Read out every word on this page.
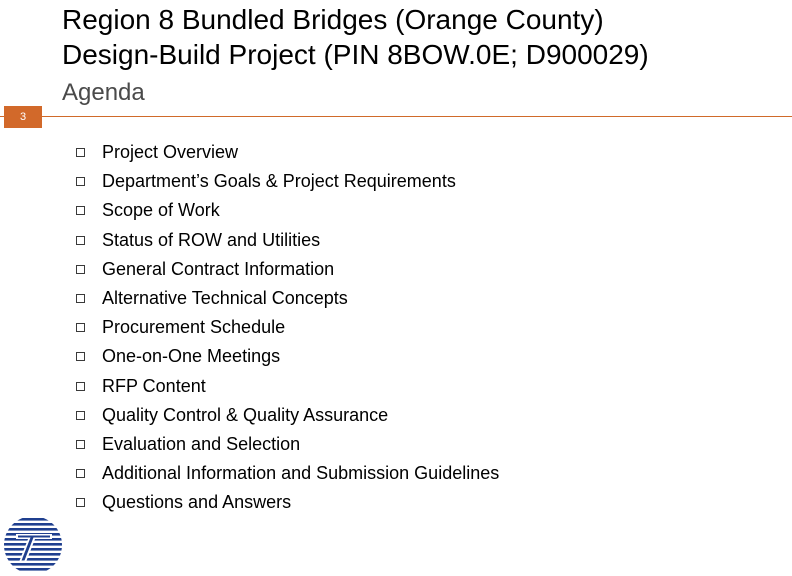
Region 8 Bundled Bridges (Orange County)
Design-Build Project (PIN 8BOW.0E; D900029)
Agenda
3
Project Overview
Department’s Goals & Project Requirements
Scope of Work
Status of ROW and Utilities
General Contract Information
Alternative Technical Concepts
Procurement Schedule
One-on-One Meetings
RFP Content
Quality Control & Quality Assurance
Evaluation and Selection
Additional Information and Submission Guidelines
Questions and Answers
